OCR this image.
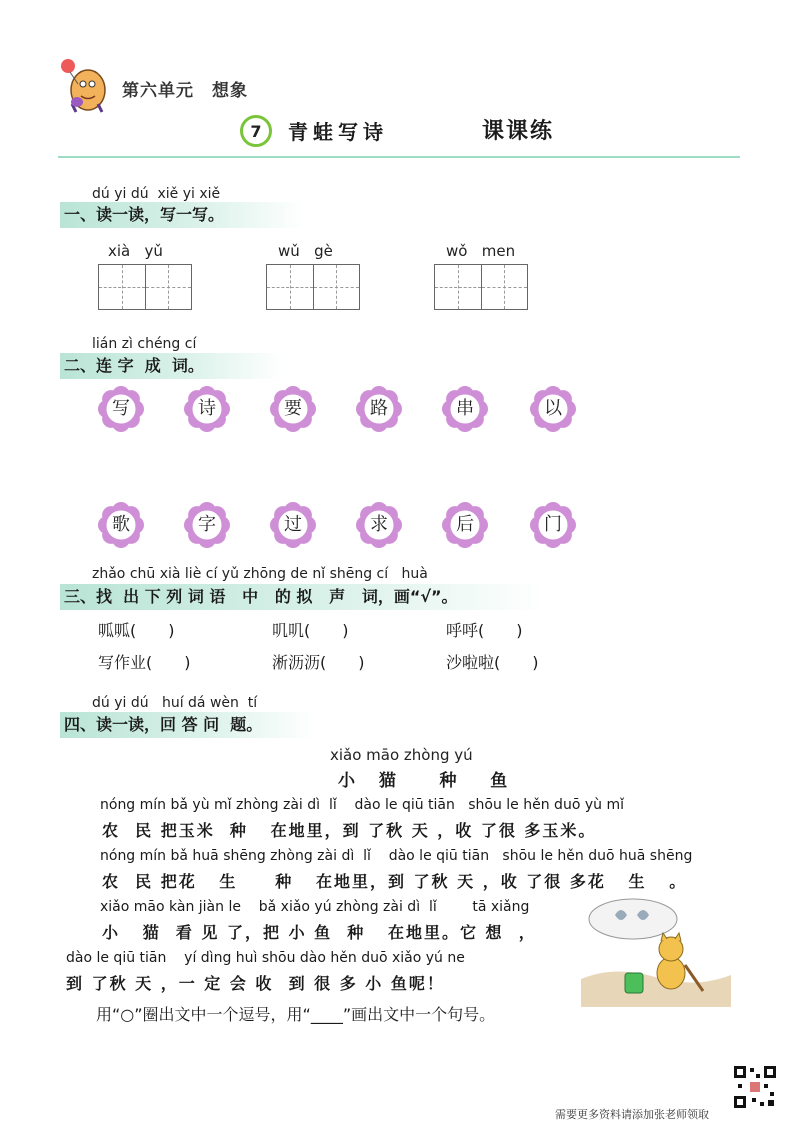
第六单元　想象
7	青蛙写诗	课课练
dú yi dú  xiě yi xiě
一、读一读，写一写。
xià   yǔ	wǔ   gè	wǒ   men
lián zì chéng cí
二、连 字  成  词。
写	诗	要	路	串	以
歌	字	过	求	后	门
zhǎo chū xià liè cí yǔ zhōng de nǐ shēng cí   huà
三、找  出 下 列 词 语   中   的 拟   声   词，画“√”。
呱呱(　　)	叽叽(　　)	呼呼(　　)
写作业(　　)	淅沥沥(　　)	沙啦啦(　　)
dú yi dú   huí dá wèn  tí
四、读一读，回 答 问  题。
xiǎo māo zhòng yú
小  猫    种   鱼
nóng mín bǎ yù mǐ zhòng zài dì  lǐ    dào le qiū tiān   shōu le hěn duō yù mǐ
农  民 把玉米  种   在地里，到 了秋 天 ，收 了很 多玉米。
nóng mín bǎ huā shēng zhòng zài dì  lǐ    dào le qiū tiān   shōu le hěn duō huā shēng
农  民 把花   生     种   在地里，到 了秋 天 ，收 了很 多花   生   。
xiǎo māo kàn jiàn le    bǎ xiǎo yú zhòng zài dì  lǐ        tā xiǎng
小   猫  看 见 了，把 小 鱼  种   在地里。它 想  ，
dào le qiū tiān    yí dìng huì shōu dào hěn duō xiǎo yú ne
到 了秋 天 ，一 定 会 收  到 很 多 小 鱼呢！
用“○”圈出文中一个逗号，用“____”画出文中一个句号。
需要更多资料请添加张老师领取
